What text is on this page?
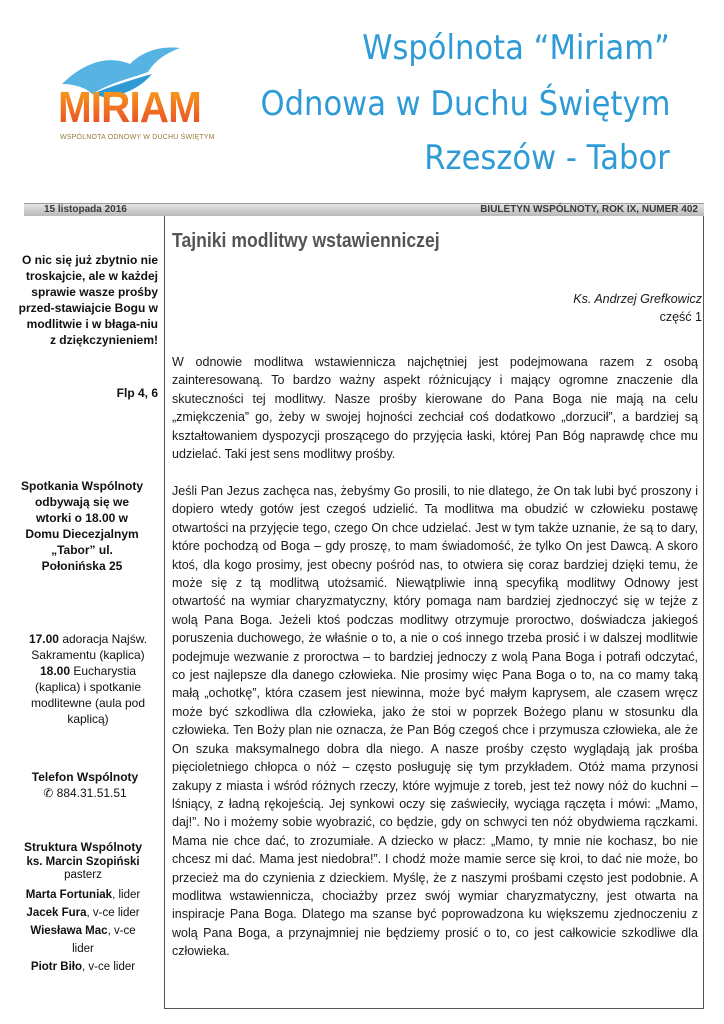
MIRIAM
WSPÓLNOTA ODNOWY W DUCHU ŚWIĘTYM
Wspólnota “Miriam”
Odnowa w Duchu Świętym
Rzeszów - Tabor
15 listopada 2016	BIULETYN WSPÓLNOTY, ROK IX, NUMER 402
O nic się już zbytnio nie troskajcie, ale w każdej sprawie wasze prośby przed-stawiajcie Bogu w modlitwie i w błaga-niu z dziękczynieniem!
Flp 4, 6
Spotkania Wspólnoty odbywają się we wtorki o 18.00 w Domu Diecezjalnym „Tabor” ul. Połonińska 25
17.00 adoracja Najśw. Sakramentu (kaplica)
18.00 Eucharystia (kaplica) i spotkanie modlitewne (aula pod kaplicą)
Telefon Wspólnoty
✆ 884.31.51.51
Struktura Wspólnoty
ks. Marcin Szopiński
pasterz
Marta Fortuniak, lider
Jacek Fura, v-ce lider
Wiesława Mac, v-ce lider
Piotr Biło, v-ce lider
Tajniki modlitwy wstawienniczej
Ks. Andrzej Grefkowicz
część 1
W odnowie modlitwa wstawiennicza najchętniej jest podejmowana razem z osobą zainteresowaną. To bardzo ważny aspekt różnicujący i mający ogromne znaczenie dla skuteczności tej modlitwy. Nasze prośby kierowane do Pana Boga nie mają na celu „zmiękczenia” go, żeby w swojej hojności zechciał coś dodatkowo „dorzucił”, a bardziej są kształtowaniem dyspozycji proszącego do przyjęcia łaski, której Pan Bóg naprawdę chce mu udzielać. Taki jest sens modlitwy prośby.
Jeśli Pan Jezus zachęca nas, żebyśmy Go prosili, to nie dlatego, że On tak lubi być proszony i dopiero wtedy gotów jest czegoś udzielić. Ta modlitwa ma obudzić w człowieku postawę otwartości na przyjęcie tego, czego On chce udzielać. Jest w tym także uznanie, że są to dary, które pochodzą od Boga – gdy proszę, to mam świadomość, że tylko On jest Dawcą. A skoro ktoś, dla kogo prosimy, jest obecny pośród nas, to otwiera się coraz bardziej dzięki temu, że może się z tą modlitwą utożsamić. Niewątpliwie inną specyfiką modlitwy Odnowy jest otwartość na wymiar charyzmatyczny, który pomaga nam bardziej zjednoczyć się w tejże z wolą Pana Boga. Jeżeli ktoś podczas modlitwy otrzymuje proroctwo, doświadcza jakiegoś poruszenia duchowego, że właśnie o to, a nie o coś innego trzeba prosić i w dalszej modlitwie podejmuje wezwanie z proroctwa – to bardziej jednoczy z wolą Pana Boga i potrafi odczytać, co jest najlepsze dla danego człowieka. Nie prosimy więc Pana Boga o to, na co mamy taką małą „ochotkę”, która czasem jest niewinna, może być małym kaprysem, ale czasem wręcz może być szkodliwa dla człowieka, jako że stoi w poprzek Bożego planu w stosunku dla człowieka. Ten Boży plan nie oznacza, że Pan Bóg czegoś chce i przymusza człowieka, ale że On szuka maksymalnego dobra dla niego. A nasze prośby często wyglądają jak prośba pięcioletniego chłopca o nóż – często posługuję się tym przykładem. Otóż mama przynosi zakupy z miasta i wśród różnych rzeczy, które wyjmuje z toreb, jest też nowy nóż do kuchni – lśniący, z ładną rękojeścią. Jej synkowi oczy się zaświeciły, wyciąga rączęta i mówi: „Mamo, daj!”. No i możemy sobie wyobrazić, co będzie, gdy on schwyci ten nóż obydwiema rączkami. Mama nie chce dać, to zrozumiałe. A dziecko w płacz: „Mamo, ty mnie nie kochasz, bo nie chcesz mi dać. Mama jest niedobra!”. I chodź może mamie serce się kroi, to dać nie może, bo przecież ma do czynienia z dzieckiem. Myślę, że z naszymi prośbami często jest podobnie. A modlitwa wstawiennicza, chociażby przez swój wymiar charyzmatyczny, jest otwarta na inspiracje Pana Boga. Dlatego ma szanse być poprowadzona ku większemu zjednoczeniu z wolą Pana Boga, a przynajmniej nie będziemy prosić o to, co jest całkowicie szkodliwe dla człowieka.
